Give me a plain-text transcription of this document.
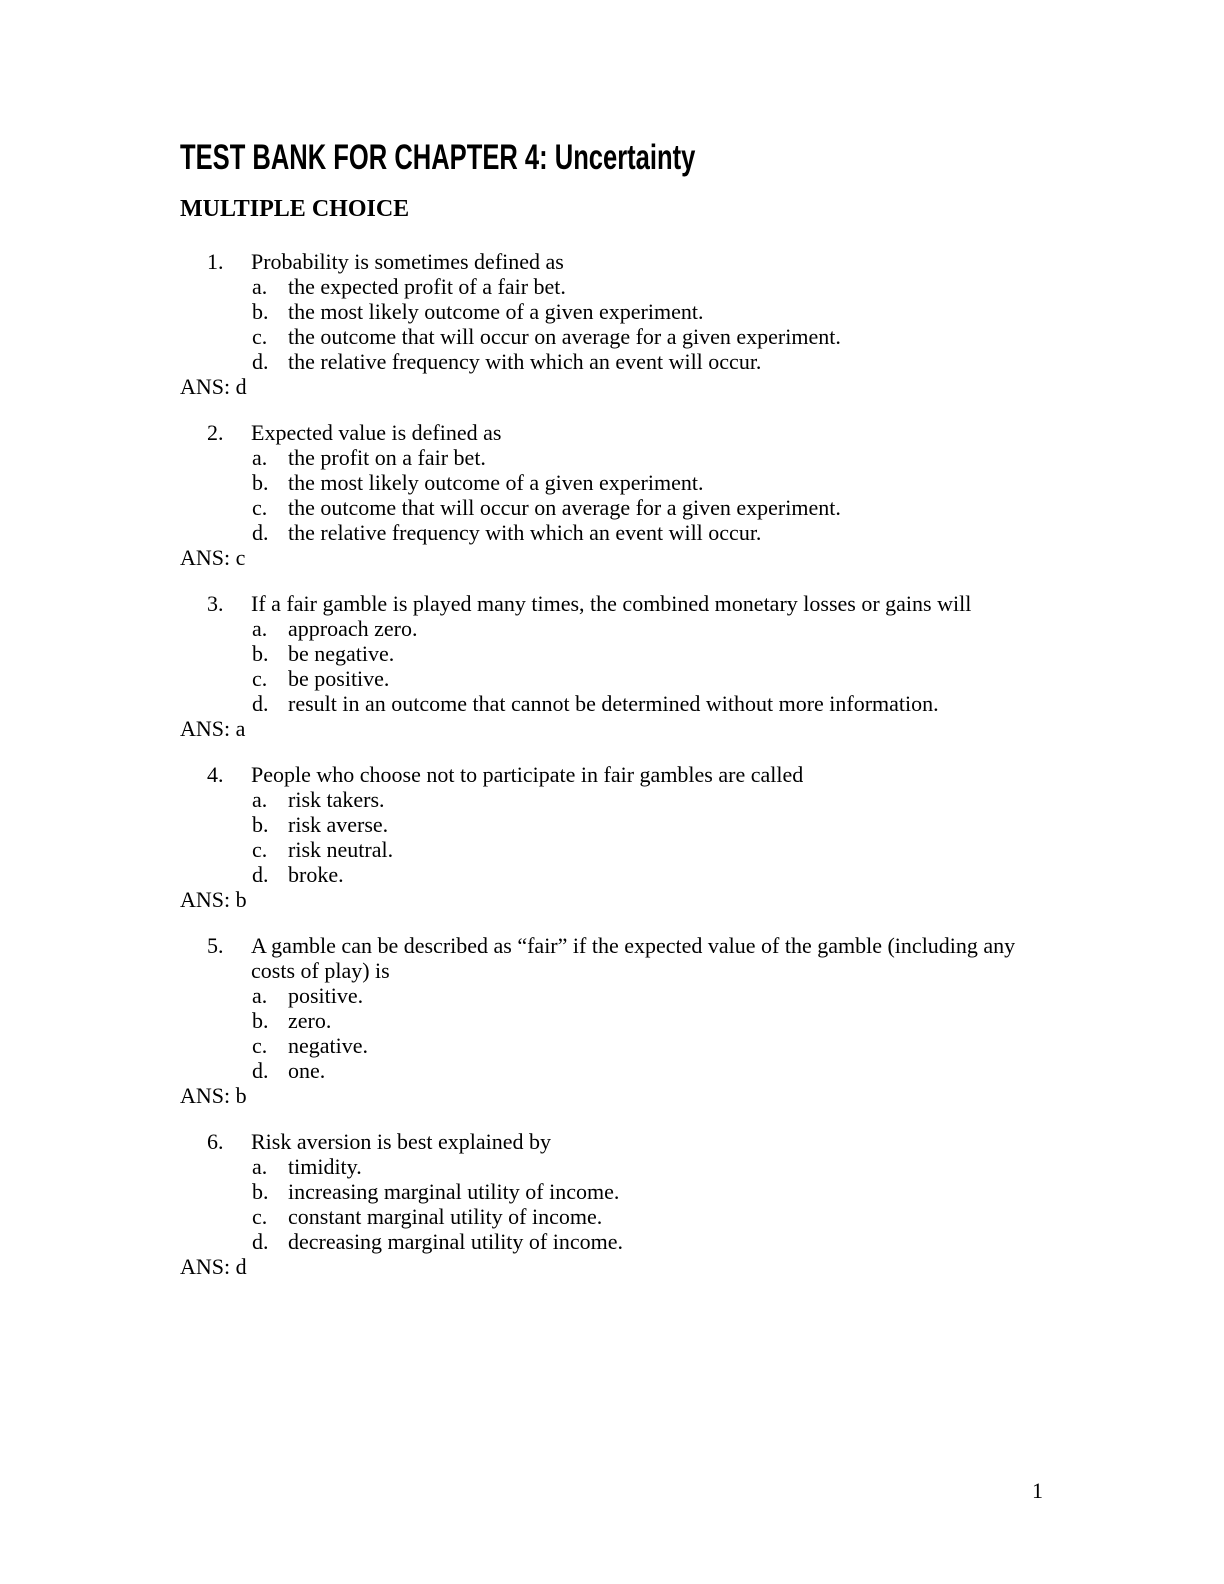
TEST BANK FOR CHAPTER 4: Uncertainty
MULTIPLE CHOICE
1.	Probability is sometimes defined as
a. the expected profit of a fair bet.
b. the most likely outcome of a given experiment.
c. the outcome that will occur on average for a given experiment.
d. the relative frequency with which an event will occur.
ANS: d
2.	Expected value is defined as
a. the profit on a fair bet.
b. the most likely outcome of a given experiment.
c. the outcome that will occur on average for a given experiment.
d. the relative frequency with which an event will occur.
ANS: c
3.	If a fair gamble is played many times, the combined monetary losses or gains will
a. approach zero.
b. be negative.
c. be positive.
d. result in an outcome that cannot be determined without more information.
ANS: a
4.	People who choose not to participate in fair gambles are called
a. risk takers.
b. risk averse.
c. risk neutral.
d. broke.
ANS: b
5.	A gamble can be described as “fair” if the expected value of the gamble (including any costs of play) is
a. positive.
b. zero.
c. negative.
d. one.
ANS: b
6.	Risk aversion is best explained by
a. timidity.
b. increasing marginal utility of income.
c. constant marginal utility of income.
d. decreasing marginal utility of income.
ANS: d
1
